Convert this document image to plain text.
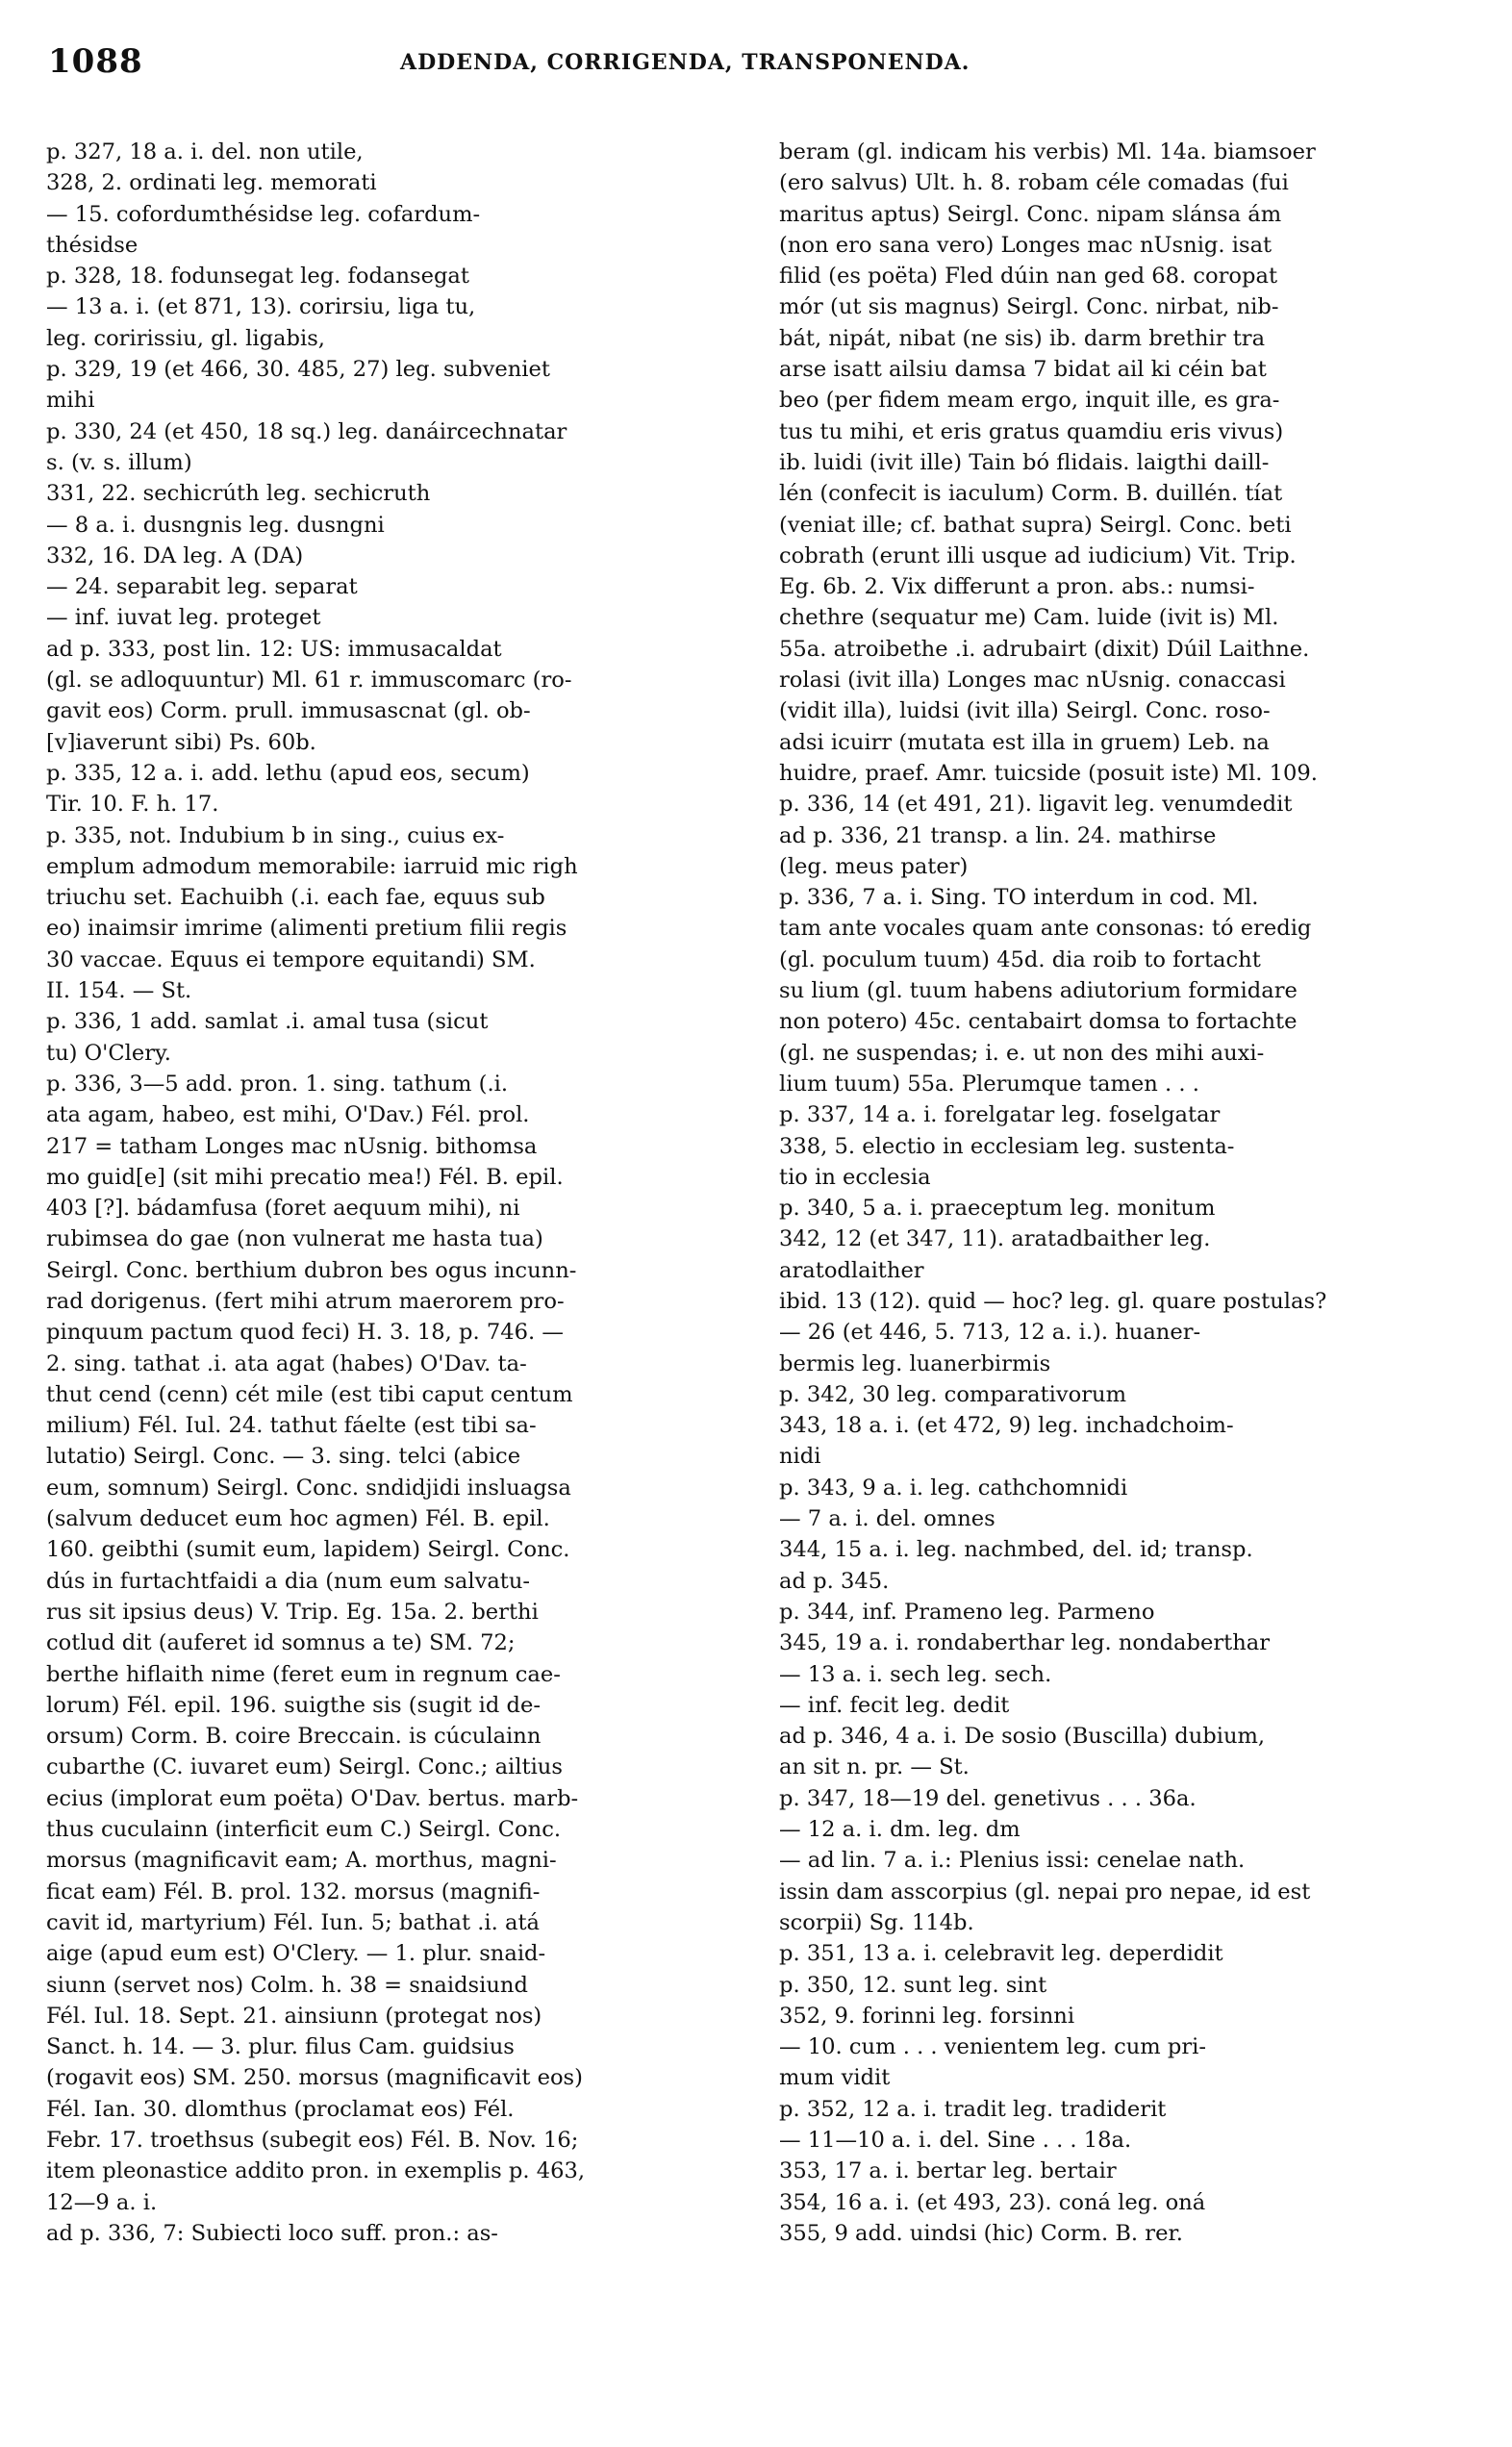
1088	ADDENDA, CORRIGENDA, TRANSPONENDA.
p. 327, 18 a. i. del. non utile,
328, 2. ordinati leg. memorati
— 15. cofordumthésidse leg. cofardum-
thésidse
p. 328, 18. fodunsegat leg. fodansegat
— 13 a. i. (et 871, 13). corirsiu, liga tu,
leg. coririssiu, gl. ligabis,
p. 329, 19 (et 466, 30. 485, 27) leg. subveniet
mihi
p. 330, 24 (et 450, 18 sq.) leg. danáircechnatar
s. (v. s. illum)
331, 22. sechicrúth leg. sechicruth
— 8 a. i. dusngnis leg. dusngni
332, 16. DA leg. A (DA)
— 24. separabit leg. separat
— inf. iuvat leg. proteget
ad p. 333, post lin. 12: US: immusacaldat
(gl. se adloquuntur) Ml. 61 r. immuscomarc (ro-
gavit eos) Corm. prull. immusascnat (gl. ob-
[v]iaverunt sibi) Ps. 60b.
p. 335, 12 a. i. add. lethu (apud eos, secum)
Tir. 10. F. h. 17.
p. 335, not. Indubium b in sing., cuius ex-
emplum admodum memorabile: iarruid mic righ
triuchu set. Eachuibh (.i. each fae, equus sub
eo) inaimsir imrime (alimenti pretium filii regis
30 vaccae. Equus ei tempore equitandi) SM.
II. 154. — St.
p. 336, 1 add. samlat .i. amal tusa (sicut
tu) O'Clery.
p. 336, 3—5 add. pron. 1. sing. tathum (.i.
ata agam, habeo, est mihi, O'Dav.) Fél. prol.
217 = tatham Longes mac nUsnig. bithomsa
mo guid[e] (sit mihi precatio mea!) Fél. B. epil.
403 [?]. bádamfusa (foret aequum mihi), ni
rubimsea do gae (non vulnerat me hasta tua)
Seirgl. Conc. berthium dubron bes ogus incunn-
rad dorigenus. (fert mihi atrum maerorem pro-
pinquum pactum quod feci) H. 3. 18, p. 746. —
2. sing. tathat .i. ata agat (habes) O'Dav. ta-
thut cend (cenn) cét mile (est tibi caput centum
milium) Fél. Iul. 24. tathut fáelte (est tibi sa-
lutatio) Seirgl. Conc. — 3. sing. telci (abice
eum, somnum) Seirgl. Conc. sndidjidi insluagsa
(salvum deducet eum hoc agmen) Fél. B. epil.
160. geibthi (sumit eum, lapidem) Seirgl. Conc.
dús in furtachtfaidi a dia (num eum salvatu-
rus sit ipsius deus) V. Trip. Eg. 15a. 2. berthi
cotlud dit (auferet id somnus a te) SM. 72;
berthe hiflaith nime (feret eum in regnum cae-
lorum) Fél. epil. 196. suigthe sis (sugit id de-
orsum) Corm. B. coire Breccain. is cúculainn
cubarthe (C. iuvaret eum) Seirgl. Conc.; ailtius
ecius (implorat eum poëta) O'Dav. bertus. marb-
thus cuculainn (interficit eum C.) Seirgl. Conc.
morsus (magnificavit eam; A. morthus, magni-
ficat eam) Fél. B. prol. 132. morsus (magnifi-
cavit id, martyrium) Fél. Iun. 5; bathat .i. atá
aige (apud eum est) O'Clery. — 1. plur. snaid-
siunn (servet nos) Colm. h. 38 = snaidsiund
Fél. Iul. 18. Sept. 21. ainsiunn (protegat nos)
Sanct. h. 14. — 3. plur. filus Cam. guidsius
(rogavit eos) SM. 250. morsus (magnificavit eos)
Fél. Ian. 30. dlomthus (proclamat eos) Fél.
Febr. 17. troethsus (subegit eos) Fél. B. Nov. 16;
item pleonastice addito pron. in exemplis p. 463,
12—9 a. i.
ad p. 336, 7: Subiecti loco suff. pron.: as-
beram (gl. indicam his verbis) Ml. 14a. biamsoer
(ero salvus) Ult. h. 8. robam céle comadas (fui
maritus aptus) Seirgl. Conc. nipam slánsa ám
(non ero sana vero) Longes mac nUsnig. isat
filid (es poëta) Fled dúin nan ged 68. coropat
mór (ut sis magnus) Seirgl. Conc. nirbat, nib-
bát, nipát, nibat (ne sis) ib. darm brethir tra
arse isatt ailsiu damsa 7 bidat ail ki céin bat
beo (per fidem meam ergo, inquit ille, es gra-
tus tu mihi, et eris gratus quamdiu eris vivus)
ib. luidi (ivit ille) Tain bó flidais. laigthi daill-
lén (confecit is iaculum) Corm. B. duillén. tíat
(veniat ille; cf. bathat supra) Seirgl. Conc. beti
cobrath (erunt illi usque ad iudicium) Vit. Trip.
Eg. 6b. 2. Vix differunt a pron. abs.: numsi-
chethre (sequatur me) Cam. luide (ivit is) Ml.
55a. atroibethe .i. adrubairt (dixit) Dúil Laithne.
rolasi (ivit illa) Longes mac nUsnig. conaccasi
(vidit illa), luidsi (ivit illa) Seirgl. Conc. roso-
adsi icuirr (mutata est illa in gruem) Leb. na
huidre, praef. Amr. tuicside (posuit iste) Ml. 109.
p. 336, 14 (et 491, 21). ligavit leg. venumdedit
ad p. 336, 21 transp. a lin. 24. mathirse
(leg. meus pater)
p. 336, 7 a. i. Sing. TO interdum in cod. Ml.
tam ante vocales quam ante consonas: tó eredig
(gl. poculum tuum) 45d. dia roib to fortacht
su lium (gl. tuum habens adiutorium formidare
non potero) 45c. centabairt domsa to fortachte
(gl. ne suspendas; i. e. ut non des mihi auxi-
lium tuum) 55a. Plerumque tamen . . .
p. 337, 14 a. i. forelgatar leg. foselgatar
338, 5. electio in ecclesiam leg. sustenta-
tio in ecclesia
p. 340, 5 a. i. praeceptum leg. monitum
342, 12 (et 347, 11). aratadbaither leg.
aratodlaither
ibid. 13 (12). quid — hoc? leg. gl. quare postulas?
— 26 (et 446, 5. 713, 12 a. i.). huaner-
bermis leg. luanerbirmis
p. 342, 30 leg. comparativorum
343, 18 a. i. (et 472, 9) leg. inchadchoim-
nidi
p. 343, 9 a. i. leg. cathchomnidi
— 7 a. i. del. omnes
344, 15 a. i. leg. nachmbed, del. id; transp.
ad p. 345.
p. 344, inf. Prameno leg. Parmeno
345, 19 a. i. rondaberthar leg. nondaberthar
— 13 a. i. sech leg. sech.
— inf. fecit leg. dedit
ad p. 346, 4 a. i. De sosio (Buscilla) dubium,
an sit n. pr. — St.
p. 347, 18—19 del. genetivus . . . 36a.
— 12 a. i. dm. leg. dm
— ad lin. 7 a. i.: Plenius issi: cenelae nath.
issin dam asscorpius (gl. nepai pro nepae, id est
scorpii) Sg. 114b.
p. 351, 13 a. i. celebravit leg. deperdidit
p. 350, 12. sunt leg. sint
352, 9. forinni leg. forsinni
— 10. cum . . . venientem leg. cum pri-
mum vidit
p. 352, 12 a. i. tradit leg. tradiderit
— 11—10 a. i. del. Sine . . . 18a.
353, 17 a. i. bertar leg. bertair
354, 16 a. i. (et 493, 23). coná leg. oná
355, 9 add. uindsi (hic) Corm. B. rer.
